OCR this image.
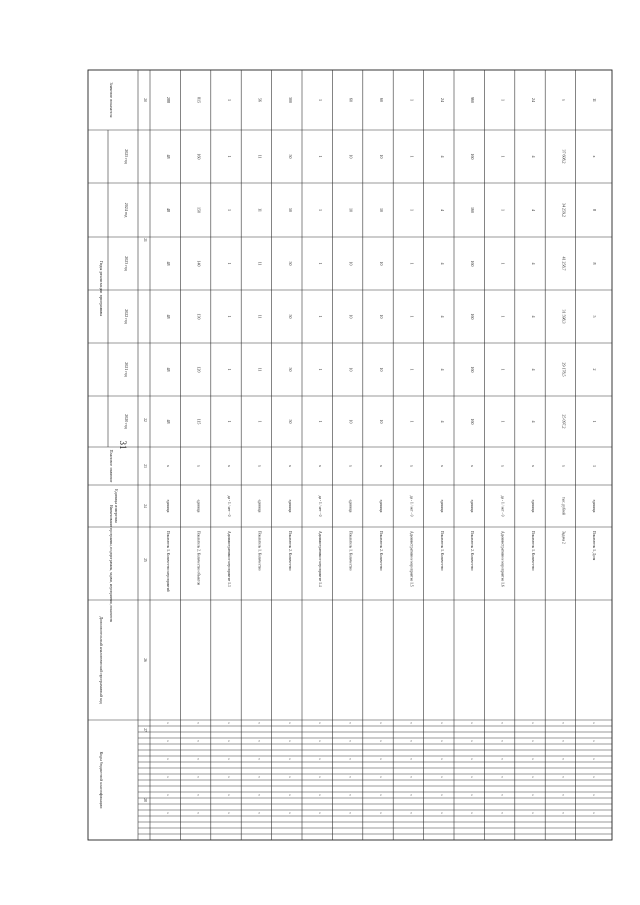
31
Показатель 1. Количество мероприятий
единица
x
48
48
48
48
48
48
288
x
x
x
x
x
x
Показатель 2. Количество объектов
единица
x
115
120
130
140
150
160
815
x
x
x
x
x
x
Административное мероприятие 1.3
да - 1 / нет - 0
x
1
1
1
1
1
1
1
x
x
x
x
x
x
Показатель 1. Количество
единица
x
1
11
11
11
11
11
56
x
x
x
x
x
x
Показатель 2. Количество
единица
x
50
50
50
50
50
50
300
x
x
x
x
x
x
Административное мероприятие 1.4
да - 1 / нет - 0
x
1
1
1
1
1
1
1
x
x
x
x
x
x
Показатель 1. Количество
единица
x
10
10
10
10
10
10
60
x
x
x
x
x
x
Показатель 2. Количество
единица
x
10
10
10
10
10
10
60
x
x
x
x
x
x
Административное мероприятие 1.5
да - 1 / нет - 0
x
1
1
1
1
1
1
1
x
x
x
x
x
x
Показатель 1. Количество
единица
x
4
4
4
4
4
4
24
x
x
x
x
x
x
Показатель 2. Количество
единица
x
160
160
160
160
160
160
960
x
x
x
x
x
x
Административное мероприятие 1.6
да - 1 / нет - 0
x
1
1
1
1
1
1
1
x
x
x
x
x
x
Показатель 1. Количество
единица
x
4
4
4
4
4
4
24
x
x
x
x
x
x
Задача 2
тыс. рублей
x
25 097,2
29 178,5
31 598,3
41 258,7
34 259,2
37 608,2
x
x
x
x
x
x
x
Показатель 1. Доля
единица
1
1
2
5
8
8
x
11
x
x
x
x
x
x
Годы реализации программы
2020 год
2021 год
2022 год
2023 год
2024 год
2025 год
Значение показателя
Плановое значение
Единица измерения
Наименование программы, подпрограммы, задачи, мероприятия, показателя
Дополнительный аналитический программный код
Коды бюджетной классификации
20
21
22
23
24
25
26
27
28
